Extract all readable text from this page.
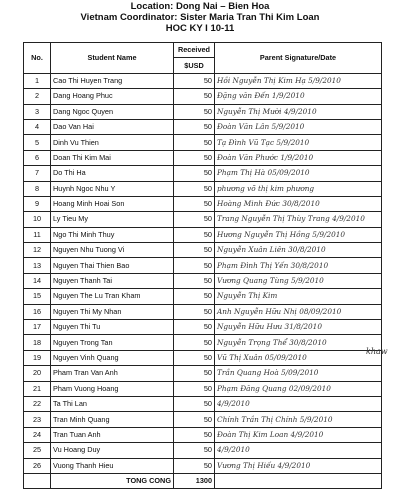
Location: Dong Nai – Bien Hoa
Vietnam Coordinator: Sister Maria Tran Thi Kim Loan
HOC KY I 10-11
No.	Student Name	Received	Parent Signature/Date
		$USD	
1	Cao Thi Huyen Trang	50	Hồi Nguyễn Thị Kim Hạ 5/9/2010
2	Dang Hoang Phuc	50	Đặng văn Đến 1/9/2010
3	Dang Ngoc Quyen	50	Nguyễn Thị Mười 4/9/2010
4	Dao Van Hai	50	Đoàn Văn Lân 5/9/2010
5	Dinh Vu Thien	50	Tạ Đình Vũ Tạc 5/9/2010
6	Doan Thi Kim Mai	50	Đoàn Văn Phước 1/9/2010
7	Do Thi Ha	50	Phạm Thị Hà 05/09/2010
8	Huynh Ngoc Nhu Y	50	phương võ thị kim phương
9	Hoang Minh Hoai Son	50	Hoàng Minh Đức 30/8/2010
10	Ly Tieu My	50	Trang Nguyễn Thị Thùy Trang 4/9/2010
11	Ngo Thi Minh Thuy	50	Hương Nguyễn Thị Hồng 5/9/2010
12	Nguyen Nhu Tuong Vi	50	Nguyễn Xuân Liên 30/8/2010
13	Nguyen Thai Thien Bao	50	Phạm Đình Thị Yến 30/8/2010
14	Nguyen Thanh Tai	50	Vương Quang Tùng 5/9/2010
15	Nguyen The Lu Tran Kham	50	Nguyễn Thị Kim
16	Nguyen Thi My Nhan	50	Anh Nguyễn Hữu Nhị 08/09/2010
17	Nguyen Thi Tu	50	Nguyễn Hữu Hưu 31/8/2010
18	Nguyen Trong Tan	50	Nguyễn Trọng Thể 30/8/2010
19	Nguyen Vinh Quang	50	Vũ Thị Xuân 05/09/2010
20	Pham Tran Van Anh	50	Trần Quang Hoà 5/09/2010
21	Pham Vuong Hoang	50	Phạm Đăng Quang 02/09/2010
22	Ta Thi Lan	50	4/9/2010
23	Tran Minh Quang	50	Chính Trần Thị Chính 5/9/2010
24	Tran Tuan Anh	50	Đoàn Thị Kim Loan 4/9/2010
25	Vu Hoang Duy	50	4/9/2010
26	Vuong Thanh Hieu	50	Vương Thị Hiếu 4/9/2010
	TONG CONG	1300	
khaw
